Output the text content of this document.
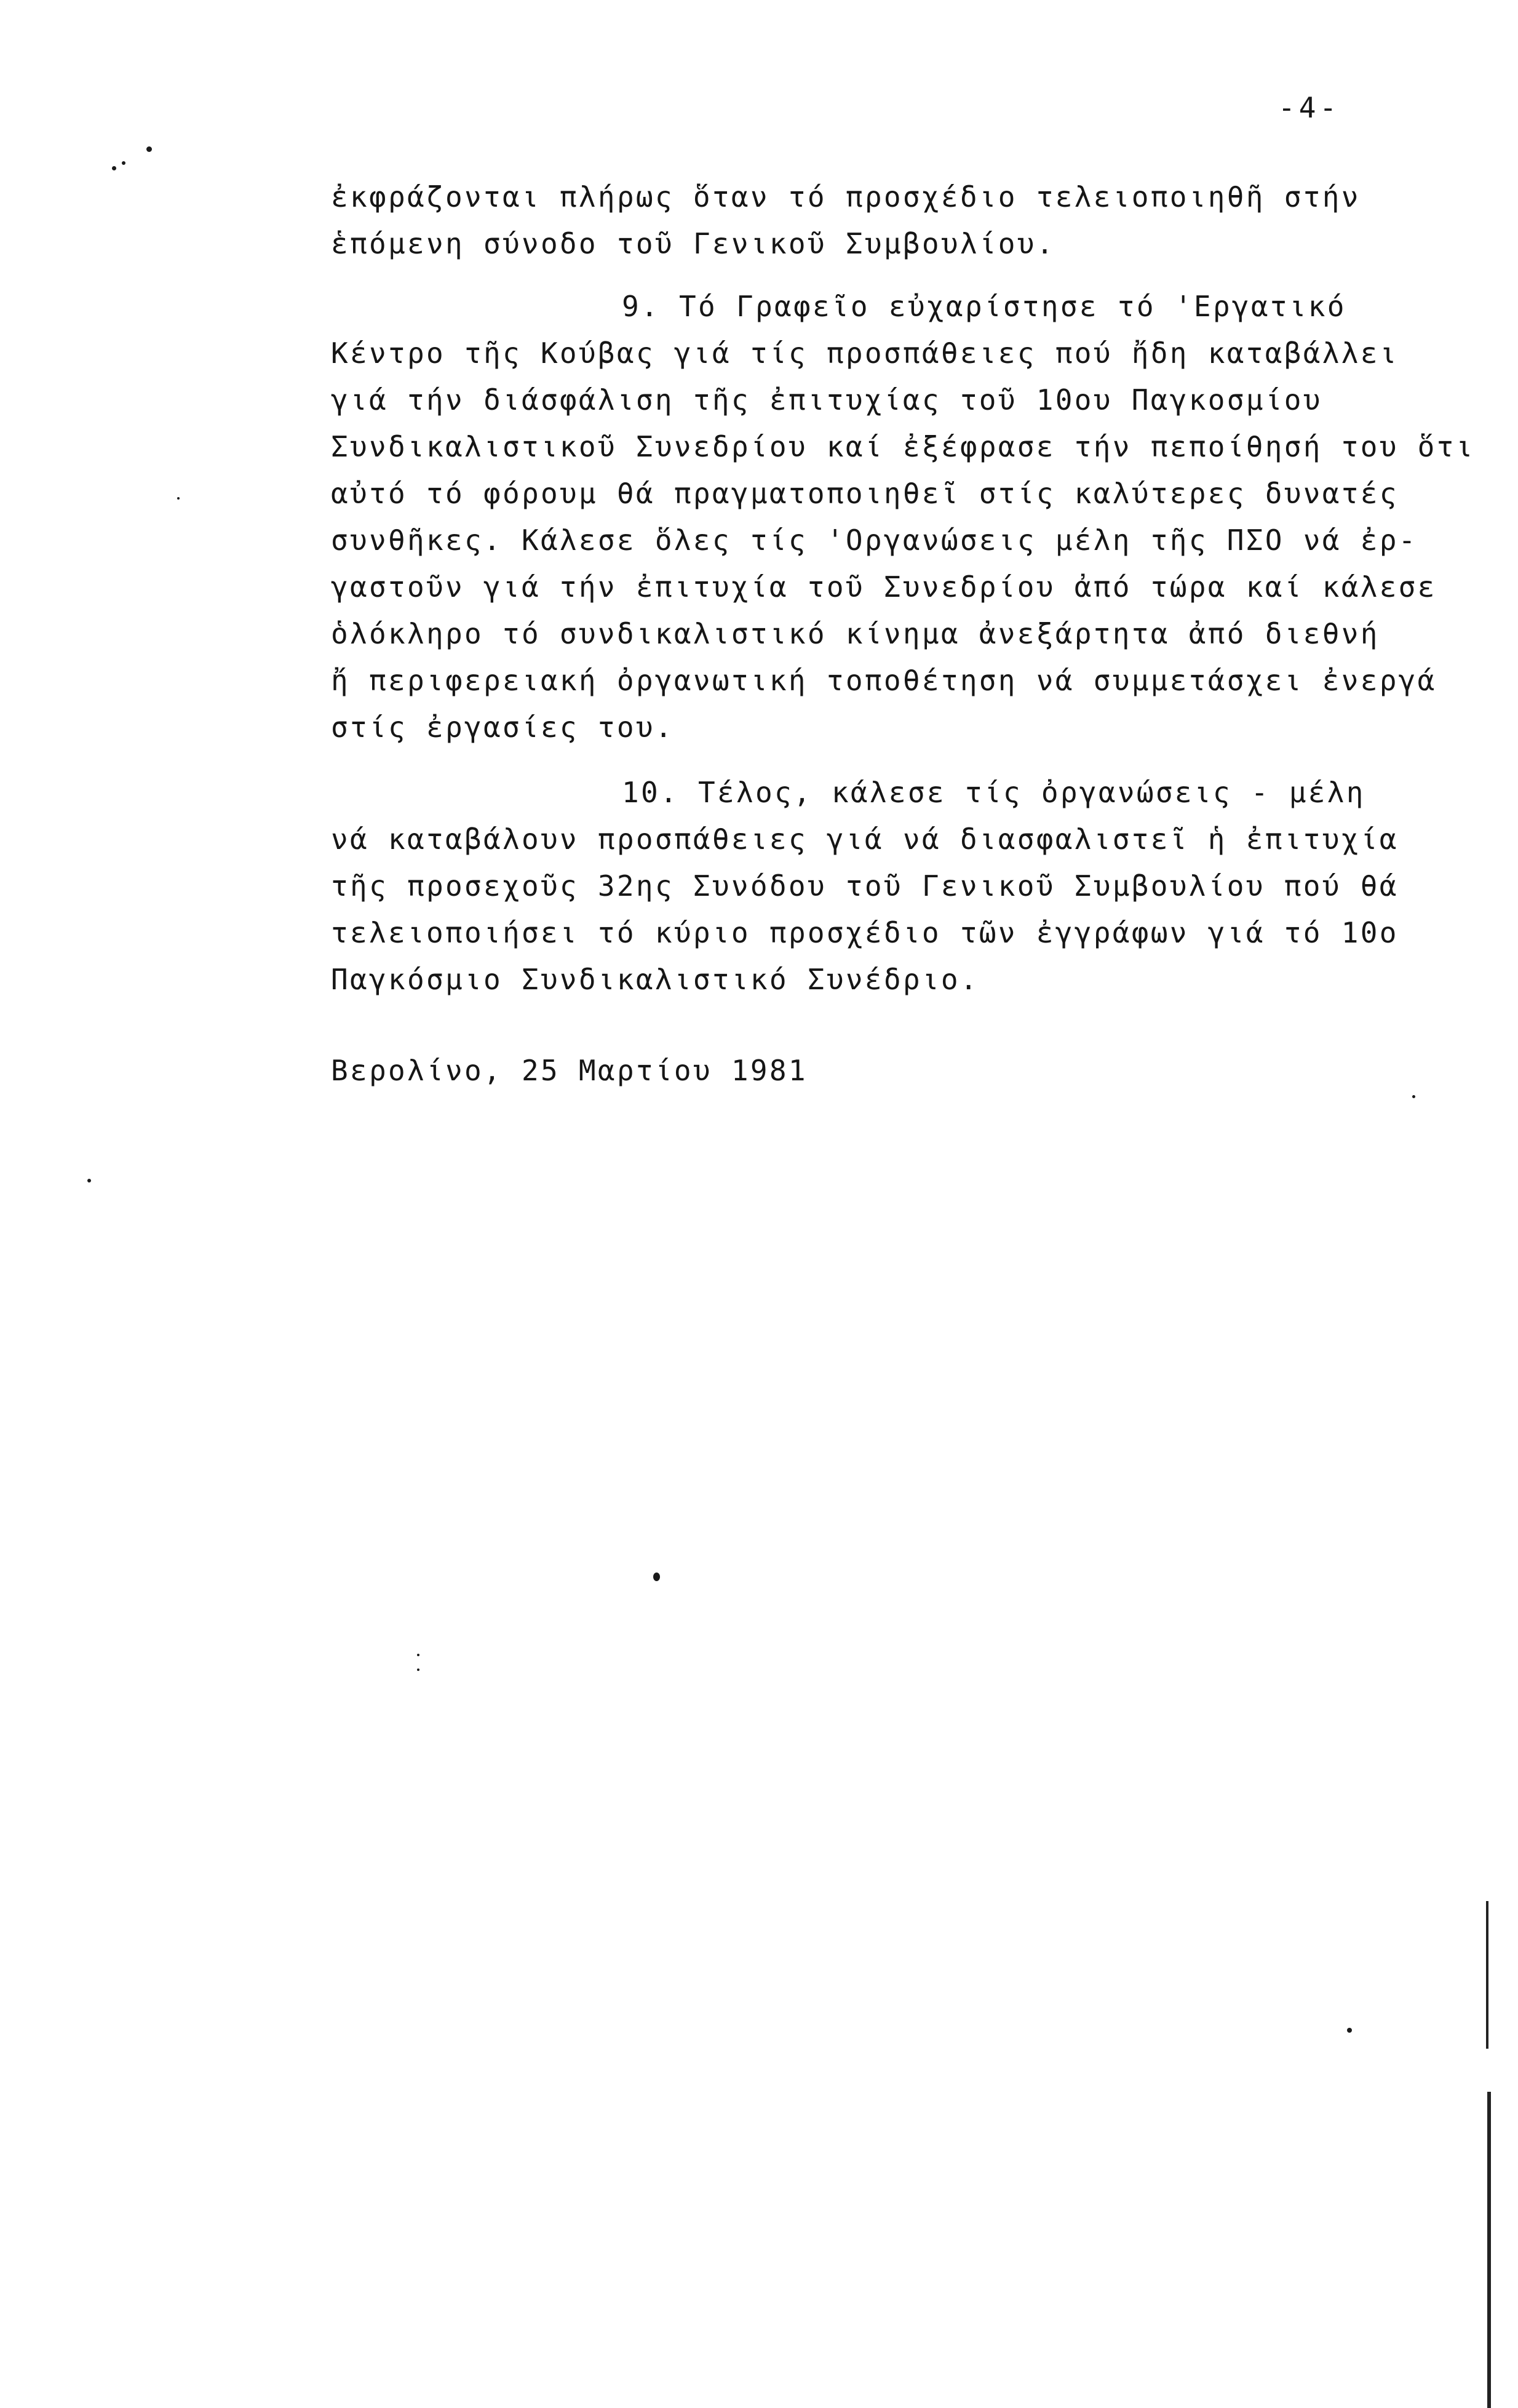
-4-
ἐκφράζονται πλήρως ὅταν τό προσχέδιο τελειοποιηθῆ στήν
ἑπόμενη σύνοδο τοῦ Γενικοῦ Συμβουλίου.
9. Τό Γραφεῖο εὐχαρίστησε τό 'Εργατικό
Κέντρο τῆς Κούβας γιά τίς προσπάθειες πού ἤδη καταβάλλει
γιά τήν διάσφάλιση τῆς ἐπιτυχίας τοῦ 10ου Παγκοσμίου
Συνδικαλιστικοῦ Συνεδρίου καί ἐξέφρασε τήν πεποίθησή του ὅτι
αὐτό τό φόρουμ θά πραγματοποιηθεῖ στίς καλύτερες δυνατές
συνθῆκες. Κάλεσε ὅλες τίς 'Οργανώσεις μέλη τῆς ΠΣΟ νά ἐρ-
γαστοῦν γιά τήν ἐπιτυχία τοῦ Συνεδρίου ἀπό τώρα καί κάλεσε
ὁλόκληρο τό συνδικαλιστικό κίνημα ἀνεξάρτητα ἀπό διεθνή
ἤ περιφερειακή ὀργανωτική τοποθέτηση νά συμμετάσχει ἐνεργά
στίς ἐργασίες του.
10. Τέλος, κάλεσε τίς ὀργανώσεις - μέλη
νά καταβάλουν προσπάθειες γιά νά διασφαλιστεῖ ἡ ἐπιτυχία
τῆς προσεχοῦς 32ης Συνόδου τοῦ Γενικοῦ Συμβουλίου πού θά
τελειοποιήσει τό κύριο προσχέδιο τῶν ἐγγράφων γιά τό 10ο
Παγκόσμιο Συνδικαλιστικό Συνέδριο.
Βερολίνο, 25 Μαρτίου 1981
